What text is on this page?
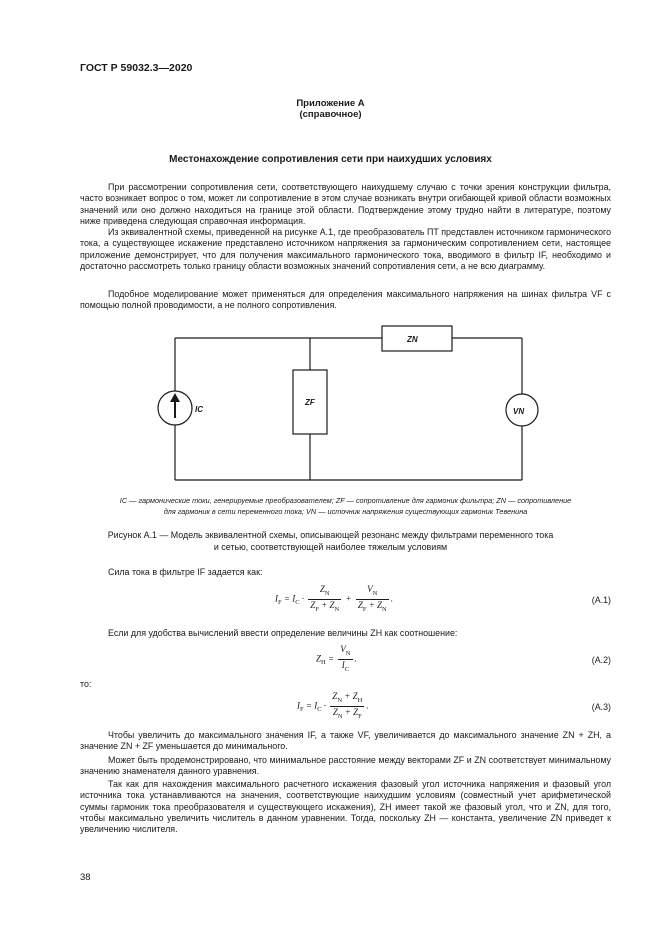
ГОСТ Р 59032.3—2020
Приложение А
(справочное)
Местонахождение сопротивления сети при наихудших условиях

При рассмотрении сопротивления сети, соответствующего наихудшему случаю с точки зрения конструкции фильтра, часто возникает вопрос о том, может ли сопротивление в этом случае возникать внутри огибающей кривой области возможных значений или оно должно находиться на границе этой области. Подтверждение этому трудно найти в литературе, поэтому ниже приведена следующая справочная информация.

Из эквивалентной схемы, приведенной на рисунке А.1, где преобразователь ПТ представлен источником гармонического тока, а существующее искажение представлено источником напряжения за гармоническим сопротивлением сети, настоящее приложение демонстрирует, что для получения максимального гармонического тока, вводимого в фильтр IF, необходимо и достаточно рассмотреть только границу области возможных значений сопротивления сети, а не всю диаграмму.

Подобное моделирование может применяться для определения максимального напряжения на шинах фильтра VF с помощью полной проводимости, а не полного сопротивления.

ZN
ZF
IC	VN
IC — гармонические токи, генерируемые преобразователем; ZF — сопротивление для гармоник фильтра; ZN — сопротивление
для гармоник в сети переменного тока; VN — источник напряжения существующих гармоник Тевенина
Рисунок А.1 — Модель эквивалентной схемы, описывающей резонанс между фильтрами переменного тока
и сетью, соответствующей наиболее тяжелым условиям

Сила тока в фильтре IF задается как:

$I_F = I_C \cdot \frac{Z_N}{Z_F + Z_N} + \frac{V_N}{Z_F + Z_N}$ .	(A.1)

Если для удобства вычислений ввести определение величины ZH как соотношение:

$Z_H = \frac{V_N}{I_C}$ .	(A.2)

то:

$I_F = I_C \cdot \frac{Z_N + Z_H}{Z_N + Z_F}$ .	(A.3)

Чтобы увеличить до максимального значения IF, а также VF, увеличивается до максимального значение ZN + ZH, а значение ZN + ZF уменьшается до минимального.

Может быть продемонстрировано, что минимальное расстояние между векторами ZF и ZN соответствует минимальному значению знаменателя данного уравнения.

Так как для нахождения максимального расчетного искажения фазовый угол источника напряжения и фазовый угол источника тока устанавливаются на значения, соответствующие наихудшим условиям (совместный учет арифметической суммы гармоник тока преобразователя и существующего искажения), ZH имеет такой же фазовый угол, что и ZN, для того, чтобы максимально увеличить числитель в данном уравнении. Тогда, поскольку ZH — константа, увеличение ZN приведет к увеличению числителя.

38
